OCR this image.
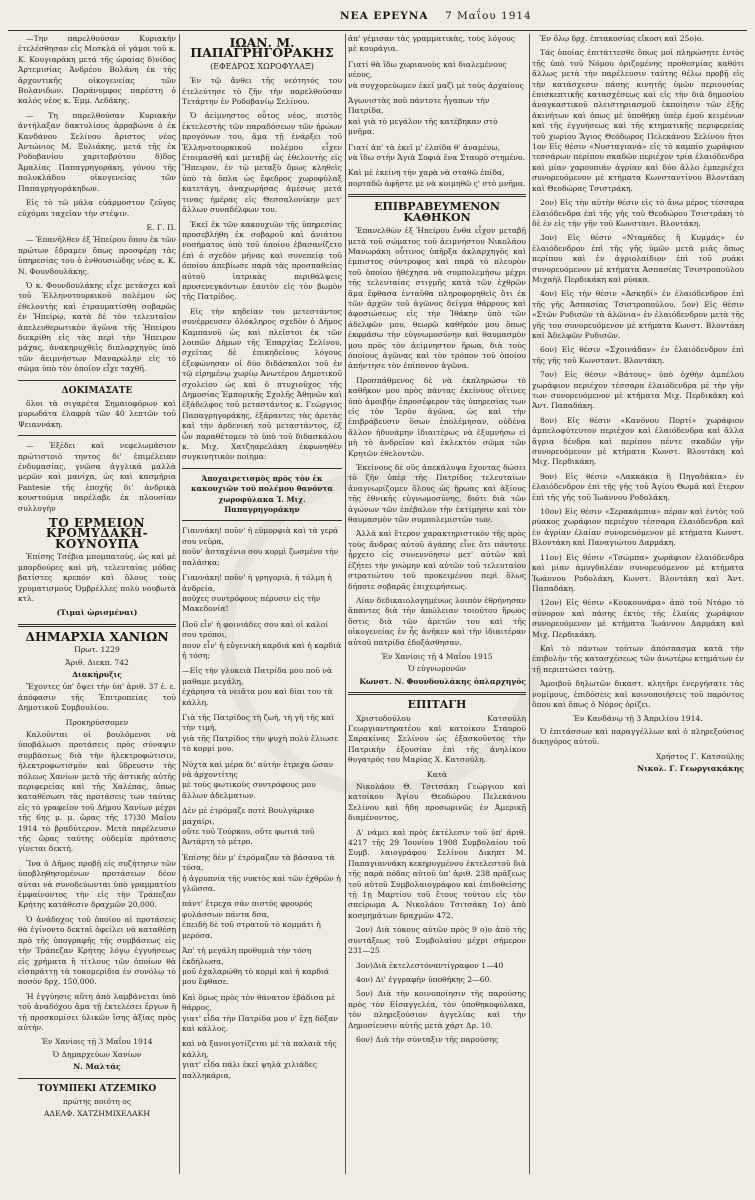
ΝΕΑ ΕΡΕΥΝΑ 7 Μαΐου 1914

—Την παρελθούσαν Κυριακήν ἐτελέσθησαν εἰς Μεσκλά οἱ γάμοι τοῦ κ. Κ. Κουγιαράκη μετά τῆς ὡραίας δ)νίδος Ἀρτεμισίας Ἀνδρέου Βολάνη ἐκ τῆς ἀρχοντικῆς οἰκογενείας τῶν Βολανιδων. Παράνυμφος παρέστη ὁ καλός νέος κ. Ἐμμ. Λεδάκης.

— Τη παρελθούσαν Κυριακήν ἀντήλαξαν δακτυλίους ἀρραβώνα ὁ ἐκ Κανδάνου Σελίνου ἄριστος νέος Ἀντώνιος Μ. Ξυλιάκης, μετά τῆς ἐκ Ροδοβανίου χαριτοβρύτου δ)δος Ἀμαλίας Παπαγρηγοράκη, γόνου τῆς πολυκλάδου οἰκογενείας τῶν Παπαγρηγοράκηδων.

Εἰς τὸ τῶ μάλα εὐάρμοστον ζεῦγος εὐχόμαι ταχεῖαν τὴν στέψιν.

Ε. Γ. Π.

— Ἐπανῆλθεν ἐξ Ἠπείρου ὅπου ἐκ τῶν πρώτων ἔδραμεν ὅπως προσφέρῃ τὰς ὑπηρεσίας του ὁ ἐνθουσιώδης νέος κ. Κ. Ν. Φουνδουλάκης.

Ὁ κ. Φουνδουλάκης εἶχε μετάσχει καὶ τοῦ Ἑλληνοτουρκικοῦ πολέμου ὡς ἐθελοντὴς καὶ ἐτραυματίσθη σοβαρῶς ἐν Ἠπείρῳ, κατὰ δὲ τὸν τελευταῖον ἀπελευθερωτικὸν ἀγῶνα τῆς Ἠπείρου διεκρίθη εἰς τὰς περὶ τὴν Ἠπειρον μάχας, ἀνακηρυχθεὶς διπλαρχηγὸς ὑπὸ τῶν ἀειμνήστων Μαναρώλην εἰς τὸ σῶμα ὑπὸ τὸν ὁποῖον εἶχε ταχθῆ.

ΔΟΚΙΜΑΣΑΤΕ

ὅλοι τὰ σιγαρέτα Σημαιοφόρων καὶ μυρωδάτα ἐλαφρὰ τῶν 40 λεπτῶν τοῦ Ψειαννάκη.

— Ἐξέδει καὶ νεφελωμάσιον πρώτιστοιὸ τηντος δι' ἐπιμέλειαν ἐνδυμασίας, γνῶσα ἀγγλικά μαλλὰ μερῶν καὶ μανίχα, ὡς καὶ κασμήρια Fantesie τῆς ἐποχῆς δι' ἀνδρικὰ κουστούμια παρέλαβε ἐκ πλουσίαν συλλογὴν

ΤΟ ΕΡΜΕΙΟΝ ΚΡΟΜΥΔΑΚΗ-ΚΟΥΝΟΥΠΑ

Ἐπίσης Τσέβια μπομπατοὺς, ὡς καὶ μὲ μπορδούρες καὶ μὴ, τελευταίας μόδας βατίστες κρεπόν καὶ ὅλους τοὺς χρυματισμοὺς Ὀμβρέλλες πολὺ νουβωτὰ κτλ.

(Τιμαὶ ὡρισμέναι)
ΔΗΜΑΡΧΙΑ ΧΑΝΙΩΝ
Πρωτ. 1229
Ἀριθ. Διεκπ. 742
Διακήρυξις

Ἔχοντες ὑπ' ὄψει τὴν ὑπ' ἀριθ. 37 ἐ. ε. ἀπόφασιν τῆς Ἐπιτροπείας τοῦ Δημοτικοῦ Συμβουλίου.

Προκηρύσσομεν

Καλοῦνται οἱ βουλόμενοι νὰ ὑποβάλωσι προτάσεις πρὸς σύναψιν συμβάσεως διὰ τὴν ἠλεκτροφώτισιν, ἠλεκτροφωτισμὸν καὶ ὕδρευσιν τῆς πόλεως Χανίων μετὰ τῆς ἀστικῆς αὐτῆς περιφερείας καὶ τῆς Χαλέπας, ὅπως καταθέσωσι τὰς προτάσεις των ταύτας εἰς τὸ γραφεῖον τοῦ Δήμου Χανίων μέχρι τῆς 6ης μ. μ. ὥρας τῆς 17)30 Μαΐου 1914 τὸ βραδύτερον. Μετὰ παρέλευσιν τῆς ὥρας ταύτης οὐδεμία πρότασις γίνεται δεκτή.

Ἵνα ὁ Δῆμος προβῇ εἰς συζήτησιν τῶν ὑποβληθησομένων προτάσεων δέον αὐται νὰ συνοδεύωνται ὑπὸ γραμματίου ἐμφαίνοντος τὴν εἰς τὴν Τράπεζαν Κρήτης κατάθεσιν δραχμῶν 20,000.

Ὁ ἀνάδοχος τοῦ ὁποίου αἱ προτάσεις θὰ ἐγίνοντο δεκταὶ ὀφείλει νὰ καταθέσῃ πρὸ τῆς ὑπογραφῆς τῆς συμβάσεως εἰς τὴν Τράπεζαν Κρήτης λόγῳ ἐγγυήσεως εἰς χρήματα ἢ τίτλους τῶν ὁποίων θὰ εἰσπράττῃ τὰ τοκομερίδια ἑν συνόλῳ τὸ ποσὸν δρχ. 150,000.

Ἡ ἐγγύησις αὕτη ἀπὸ λαμβάνεται ὑπὸ τοῦ ἀναδόχου ἅμα τῇ ἐκτελέσει ἔργων ἢ τῇ προσκομίσει ὑλικῶν ἴσης ἀξίας πρὸς αὐτήν.

Ἐν Χανίοις τῇ 3 Μαΐου 1914
Ὁ Δημαρχεύων Χανίων
Ν. Μαλτάς
ΤΟΥΜΠΕΚΙ ΑΤΖΕΜΙΚΟ
πρώτης ποιότη ος
ΑΔΕΛΦ. ΧΑΤΖΗΜΙΧΕΛΑΚΗ
ΙΩΑΝ. Μ. ΠΑΠΑΓΡΗΓΟΡΑΚΗΣ
(ΕΦΕΔΡΟΣ ΧΩΡΟΦΥΛΑΞ)

Ἐν τῷ ἄνθει τῆς νεότητός του ἐτελεύτησε τὸ ζῆν τὴν παρελθοῦσαν Τετάρτην ἐν Ροδοβανίῳ Σελίνου.

Ὁ ἀείμνηστος οὗτος νέος, πιστὸς ἐκτελεστὴς τῶν παραδόσεων τῶν ἡρώων προγόνων του, ἅμα τῇ ἐνάρξει τοῦ Ἑλληνοτουρκικοῦ πολέμου εἶχεν ἑτοιμασθῆ καὶ μεταβῇ ὡς ἐθελοντὴς εἰς Ἤπειρον, ἐν τῷ μεταξὺ ὅμως κληθεὶς ὑπὸ τὰ ὅπλα ὡς ἔφεδρος χωροφύλαξ κατετάγη, ἀναχωρήσας ἀμέσως μετά τινας ἡμέρας εἰς Θεσσαλονίκην μετ' ἄλλων συναδέλφων του.

Ἐκεῖ ἐκ τῶν κακουχιῶν τῆς ὑπηρεσίας προσεβλήθη ἐκ σοβαροῦ καὶ ἀνιάτου νοσήματος ὑπὸ τοῦ ὁποίου ἐβασανίζετο ἐπὶ ὁ σχεδὸν μῆνας καὶ συνεπείᾳ τοῦ ὁποίου ἀπεβίωσε παρὰ τὰς προσπαθείας αὐτοῦ ἰατρικὰς περιθάλψεις προσενεγκόντων ἑαυτὸν εἰς τὸν βωμὸν τῆς Πατρίδος.

Εἰς τὴν κηδείαν του μετεστάντος συνέρρευσεν ὁλόκληρος σχεδὸν ὁ Δῆμος Καμπανοῦ ὡς καὶ πλεῖστοι ἐκ τῶν λοιπῶν Δήμων τῆς Ἐπαρχίας Σελίνου, σχεῖτας δὲ ἐπικηδείους λόγους ἐξεφώνησαν οἱ δύο διδάσκαλοι τοῦ ἐν τῷ εἰρημένῳ χωρίῳ Ἀνωτέρου Δημοτικοῦ σχολείου ὡς καὶ ὁ πτυχιοῦχος τῆς Δημοσίας Ἐμπορικῆς Σχολῆς Ἀθηνῶν καὶ ἐξάδελφος τοῦ μεταστάντος κ. Γεώργιος Παπαγρηγοράκης, ἐξάραντες τὰς ἀρετὰς καὶ τὴν ἀρδενική τοῦ μεταστάντος, ἐξ ὧν παραθέτομεν τὸ ὑπὸ τοῦ διδασκάλου κ. Μιχ. Χατζηαρελάκη ἐκφωνηθὲν συγκινητικὸν ποίημα:

Ἀποχαιρετισμὸς πρὸς τὸν ἐκ κακουχιῶν τοῦ πολέμου θανόντα χωροφύλακα Ἰ. Μιχ. Παπαγρηγοράκην

Γιαννάκη! ποῦν' ἡ εὐμορφιὰ καὶ τὰ γερά σου νεῦρα,
ποῦν' ἀσταχένιο σου κορμὶ ζωσμένο τὴν παλάσκα;

Γιαννάκη! ποῦν' ἡ γρηγοριὰ, ἡ τόλμη ἡ ἀνδρεία,
ποῦχες συντρόφους πέρυσιν εἰς τὴν Μακεδονία!

Ποῦ εἶν' ἡ φοινιάδες σου καὶ οἱ καλοί σου τρόποι,
πουν εἶν' ἡ εὐγενικὴ καρδιά καὶ ἡ καρδιὰ ἡ τόση;

—Εἰς τὴν γλυκειὰ Πατρίδα μου ποῦ νὰ μαθαμε μεγάλη,
ἐχάρησα τὰ νειᾶτα μου καὶ δίαι του τὰ κάλλη.

Γιὰ τῆς Πατρίδος τὴ ζωὴ, τὴ γῆ τῆς καὶ τὴν τιμή,
γιὰ τῆς Πατρίδος τὴν ψυχὴ πολὺ ἔλιωσε τὸ κορμί μου.

Νύχτα καὶ μέρα δι' αὐτήν ἐτρεχα ὥσαν νὰ ἀρχοντίτης
μὲ τοὺς φωτικοὺς συντρόφους μου ἄλλων ἀδελματων.

Δὲν μὲ ἐτρόμαζε ποτὲ Βουλγάρικο μαχαίρι,
οὔτε τοῦ Τούρκου, οὔτε φωτιά τοῦ Ἀντάρτη τὸ μέτρο.

Ἐπίσης δὲν μ' ἐτρόμαζαν τὰ βάσανα τὰ τόσα,
ἡ ἀγρυπνία τῆς νυκτὸς καὶ τῶν ἐχθρῶν ἡ γλῶσσα.

πάντ' ἔτρεχα σὰν πιστὸς φρουρός φυλάσσων πάντα δσα,
ἐπειδὴ δὲ τοῦ στρατοῦ τὸ κομμάτι ἡ μερόσα.

Ἀπ' τὴ μεγάλη προθυμιὰ τὴν τόση ἐκδήλωσα,
μοῦ ἐχαλαρώθη τὸ κορμὶ καὶ ἡ καρδιά μου ἔφθασε.

Καὶ ὅμως πρὸς τὸν θάνατον ἐβάδισα μὲ θάρρος,
γιατ' εἶδα τὴν Πατρίδα μου ν' ἔχῃ δόξαν καὶ κάλλος.

καὶ νὰ ξανοιγοτίζεται μὲ τὰ παλαιὰ τῆς κάλλη,
γιατ' εἶδα πάλι ἐκεῖ ψηλὰ χιλιάδες παλληκάρια,

ἀπ' γέμισαν τὰς γραμματικὰς, τοὺς λόγους μὲ κουράγια.

Γιατί θὰ ἴδω χωριανοὺς καὶ διαλεμένους νέους,
νὰ συγχορεύωμεν ἐκεῖ μαζὶ μὲ τοὺς ἀρχαίους

Ἀγωνιστὰς ποῦ πάντοτε ἦγαπων τὴν Πατρίδα,
καὶ γιὰ τὸ μεγάλον τῆς κατέβηκαν στὸ μνῆμα.

Γιατί ἀπ' τὰ ἐκεῖ μ' ἐλπίδα θ' ἀναμένω,
νὰ ἴδω στὴν Ἁγιὰ Σοφιὰ ἕνα Σταυρὸ στημένο.

Καὶ μὲ ἐκείνη τὴν χαρὰ νὰ σταθῶ ἐπίδα,
πορταδῶ ἀφῆστε με νὰ κοιμηθῶ ς' στὸ μνῆμα.

ΕΠΙΒΡΑΒΕΥΜΕΝΟΝ ΚΑΘΗΚΟΝ

Ἐπανελθὼν ἐξ Ἠπείρου ἔνθα εἶχον μεταβῇ μετὰ τοῦ σώματος τοῦ ἀειμνήστου Νικολάου Μανωράκη οὗτινος ὑπῆρξα ἀκλαρχηγὸς καὶ ἐμπιστος σύντροφος καὶ παρὰ τὸ πλευρὸν τοῦ ὁποίου ἠθέχησα νὰ συμπολεμήσω μέχρι τῆς τελευταίας στιγμῆς κατὰ τῶν ἐχθρῶν ἄμα ἔφθασα ἐνταῦθα πληροφορηθεὶς ὅτι ἐκ τῶν ἀρχῶν τοῦ ἀγῶνος δεῖγμα θάρρους καὶ ἀφοσιώσεως εἰς τὴν Ἰθάκην ὑπὸ τῶν ἀδελφῶν μου, θεωρῶ καθῆκόν μου ὅπως ἐκφράσω τὴν εὐγνωμοσύνην καὶ θαυμασμὸν μου πρὸς τὸν ἀείμνηστον ἥρωα, διὰ τοὺς ὁποίους ἀγῶνας καὶ τὸν τρόπον τοῦ ὁποίου ἀπήντησε τὸν ἐπίπονον ἀγῶνα.

Προσπάθμενος δὲ νὰ ἐκπληρώσω τὸ καθῆκον μου πρὸς πάντας ἐκείνους οἵτινες ὑπὸ ἀμοιβὴν ἐπροσέφερον τὰς ὑπηρεσίας των εἰς τὸν Ἱερὸν ἀγῶνα, ὡς καὶ τὴν ἐπιβράβευσιν ὅσων ἐπολέμησαν, οὐδένα ἄλλον ἠδυνάμην ἰδιαιτέρως νὰ ἐξυμνήσω εἰ μὴ τὸ ἀνδρεῖον καὶ ἐκλεκτόν σῶμα τῶν Κρητῶν ἐθελοντῶν.

Ἐκείνους δὲ οὓς ἀπεκάλυψα ἔχοντας δώσει τὸ ζῆν ὑπὲρ τῆς Πατρίδος τελευταίων ἀναγνωρίζομεν ὅλους ὡς ἥρωας καὶ ἀξίους τῆς ἐθνικῆς εὐγνωμοσύνης, διότι διὰ τῶν ἀγώνων τῶν ἐπέβαλον τὴν ἐκτίμησιν καὶ τὸν θαυμασμὸν τῶν συμπολεμιστῶν των.

Ἀλλὰ καὶ ἔτερον χαρακτηριστικὸν τῆς πρὸς τοὺς ἄνδρας αὐτοῦ ἀγάπης εἶνε ὅτι πάντοτε ἦρχετο εἰς συνεννόησιν μετ' αὐτῶν καὶ ἐζήτει τὴν γνώμην καὶ αὐτῶν τοῦ τελευταίου στρατιώτου τοῦ προκειμένου περὶ ὅλως δήποτε σοβαρᾶς ἐπιχειρήσεως.

Λίαν δεδικαιολογημένως λοιπὸν ἐθρήνησαν ἅπαντες διὰ τὴν ἀπώλειαν τοιούτου ἥρωος ὅστις διὰ τῶν ἀρετῶν του καὶ τῆς οἰκογενείας ἐν ἧς ἀνῆκεν καὶ τὴν ἰδιαιτέραν αὐτοῦ πατρίδα ἐδοξάσθησαν.

Ἐν Χανίοις τῇ 4 Μαΐου 1915
Ὁ εὐγνωμονῶν
Κωνστ. Ν. Φουνδουλάκης ὁπλαρχηγός
ΕΠΙΤΑΓΗ

Χριστοδούλου Κατσούλη Γεωργιαντηρατέου καὶ κατοίκου Σταυροῦ Σαρακίνας Σελίνου ὡς ἐξασκοῦντος τὴν Πατρικὴν ἐξουσίαν ἐπὶ τῆς ἀνηλίκου θυγατρός του Μαρίας Χ. Κατσούλη.

Κατὰ

Νικολάου Θ. Τσιτσάκη Γεώργιου καὶ κατοίκου Ἁγίου Θεοδώρου Πελεκάνου Σελίνου καὶ ἤδη προσωρινῶς ἐν Ἀμερικῇ διαμένοντος.

Δ' νάμει καὶ πρὸς ἐκτέλεσιν τοῦ ὑπ' ἀριθ. 4217 τῆς 29 Ἰουνίου 1908 Συμβολαίου τοῦ Συμβ. λαιογράφου Σελίνου Δικηπτ Μ. Παπαγιαννάκη κεκηρυγμένου ἐκτελεστοῦ διὰ τῆς παρὰ πόδας αὐτοῦ ὑπ' ἀριθ. 238 πρᾶξεως τοῦ αὐτοῦ Συμβολαιογράφου καὶ ἐπιδοθείσης τῇ 1ῃ Μαρτίου τοῦ ἔτους τούτου εἰς τὸν σπείρωμα Α. Νικολάου Τσιτσάκη 1ο) ἀπὸ κοσμημάτων δραχμῶν 472.

2ον) Διὰ τόκους αὐτῶν πρὸς 9 ο)ο ἀπὸ τῆς συντάξεως τοῦ Συμβολαίου μέχρι σήμερον 231—25

3ον)Διὰ ἐκτελεστόναντίγραφον 1—40

4ον) Δι' ἐγγραφὴν ὑποθήκης 2—60.

5ον) Διὰ τὴν κοινοποίησιν τῆς παρούσης πρὸς τὸν Εἰσαγγελέα, τὸν ὑποθηκοφύλακα, τὸν πληρεξούσιον ἀγγελίας καὶ τὴν Δημοσίευσιν αὐτῆς μετὰ χάρτ Δρ. 10.

6ον) Διὰ τὴν σύνταξιν τῆς παρούσης

Ἐν ὅλῳ δρχ. ἑπτακοσίας εἴκοσι καὶ 25ο)ο.

Τάς ὁποίας ἐπιτάττεσθε ὅπως μοὶ πληρώσητε ἐντὸς τῆς ὑπὸ τοῦ Νόμου ὁριζομένης προθεσμίας καθότι ἄλλως μετὰ τὴν παρέλευσιν ταύτης θέλω προβῇ εἰς τὴν κατάσχεσιν πάσης κινητῆς ὑμῶν περιουσίας ἐπισκεπτικῆς κατασχέσεως καὶ εἰς τὴν διὰ δημοσίου ἀναγκαστικοῦ πλειστηριασμοῦ ἐκποίησιν τῶν ἑξῆς ἀκινήτων καὶ ὁπως μὲ ὑποθήκῃ ὑπὲρ ἐμοῦ κειμένων καὶ τῆς ἐγγυήσεως καὶ τῆς κτηματικῆς περιφερείας τοῦ χωρίου Ἅγιος Θεόδωρος Πελεκάνου Σελίνου ἤτοι 1ον Εἰς θέσιν «Νυσταγιανά» εἰς τὸ καμπίο χωράφιον τεσσάρων περίπου σκαδῶν περιέχον τρία ἐλαιόδενδρα καὶ μίαν χαρουπιάν ἀγρίαν καὶ δύο ἄλλο ἐμπεριέχει συνορευόμενον μὲ κτήματα Κωνσταντίνου Βλοντάκη καὶ Θεοδώρας Τσιστράκη.

2ον) Εἰς τὴν αὐτὴν θέσιν εἰς τὸ ἄνω μέρος τέσσαρα ἐλαιόδενδρα ἐπὶ τῆς γῆς τοῦ Θεοδώρου Τσιστράκη τὸ δὲ ἐν εἰς τὴν γῆν τοῦ Κωνσταντ. Βλοντάκη.

3ον) Εἰς θέσιν «Νταμάδες ἢ Κυμμάς» ἐν ἐλαιόδενδρον ἐπὶ τῆς γῆς ὑμῶν μετὰ μιᾶς ὅπως περίπου καὶ ἐν ἀγριολαίδιον ἐπὶ τοῦ ρυάκι συνορευόμενον μὲ κτήματα Ἀσπασίας Τσιστροπούλου Μιχαὴλ Περδικάκη καὶ ρύακα.

4ον) Εἰς τὴν θέσιν «Ἀσκηδί» ἐν ἐλαιόδενδρον ἐπὶ τῆς γῆς Ἀσπασίας Τσιστροπούλου, 5ον) Εἰς θέσιν «Στῶν Ρυδισῶν τὰ ἀλῶνια» ἐν ἐλαιόδενδρον μετὰ τῆς γῆς του συνορευόμενον μὲ κτήματα Κωνστ. Βλοντάκη καὶ Ἀδελφῶν Ρυδισῶν.

6ον) Εἰς θέσιν «Σχοινάδαν» ἐν ἐλαιόδενδρον ἐπὶ τῆς γῆς τοῦ Κωνσταντ. Βλοντάκη.

7ον) Εἰς θέσιν «Βάτους» ὑπὸ ὀχθὴν ἀμπέλου χωράφιον περιέχον τέσσαρα ἐλαιόδενδρα μὲ τὴν γῆν των συνορευόμενον μὲ κτήματα Μιχ. Περδικάκη καὶ Ἀντ. Παπαδάκη.

8ον) Εἰς θέσιν «Κανόνου Πορτί» χωράφιον ἀμπελοφύτευτον περιέχον καὶ ἐλαιόδενδρα καὶ ἄλλα ἄγρια δένδρα καὶ περίπου πέντε σκαδῶν γῆν συνορευόμενον μὲ κτήματα Κωνστ. Βλοντάκη καὶ Μιχ. Περδικάκη.

9ον) Εἰς θέσιν «Λακκάκια ἢ Πηγαδάκια» ἐν ἐλαιόδενδρον ἐπὶ τῆς γῆς τοῦ Ἀγίου Θωμᾶ καὶ ἕτερον ἐπὶ τῆς γῆς τοῦ Ἰωάννου Ροδολάκη.

10ον) Εἰς θέσιν «Σερακάμπια» πέραν καὶ ἐντὸς τοῦ ρύακος χωράφιον περιέχον τέσσαρα ἐλαιόδενδρα καὶ ἐν ἀγρίαν ἐλαίαν συνορευόμενον μὲ κτήματα Κωνστ. Βλοντάκη καὶ Παναγιώτου Δαρμάκη.

11ον) Εἰς θέσιν «Τσώμπα» χωράφιον ἐλαιόδενδρα καὶ μίαν ἀμυγδαλέαν συνορευόμενον μὲ κτήματα Ἰωάννου Ροδολάκη, Κωνστ. Βλοντάκη καὶ Ἀντ. Παπαδάκη.

12ον) Εἰς θέσιν «Κουκουνάρα» ἀπὸ τοῦ Ντάρο τὸ σύνορον καὶ πάσης ἐκτὸς τῆς ἐλαίας χωράφιον συνορευόμενον μὲ κτήματα Ἰωάννου Δαρμάκη καὶ Μιχ. Περδικάκη.

Καὶ τὸ πάντων τούτων ἀπόσπασμα κατὰ τὴν ἐπιβολὴν τῆς κατασχέσεως τῶν ἀνωτέρω κτημάτων ἐν τῇ περιπτώσει ταύτῃ.

Ἀμοιβοῦ δηλωτῶν δικαστ. κλητῆρι ἐνεργήσατε τὰς νομίμους, ἐπιδόσεις καὶ κοινοποιήσεις τοῦ παρόντος ὅπου καὶ ὅπως ὁ Νόμος ὁρίζει.

Ἐν Κανδάνῳ τῇ 3 Ἀπριλίου 1914.

Ὁ ἐπιτάσσων καὶ παραγγέλλων καὶ ὁ πληρεξούσιος δικηγόρος αὐτοῦ.

Χρήστος Γ. Κατσούλης
Νικολ. Γ. Γεωργιακάκης
